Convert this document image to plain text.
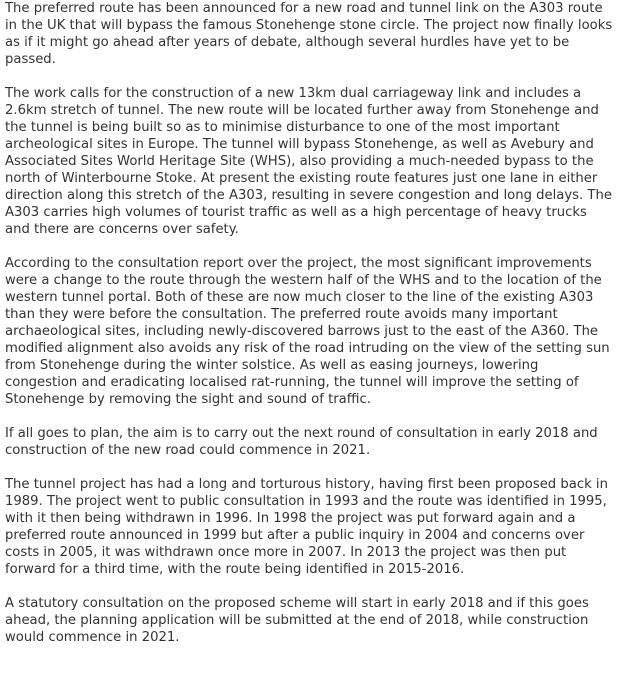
The preferred route has been announced for a new road and tunnel link on the A303 route in the UK that will bypass the famous Stonehenge stone circle. The project now finally looks as if it might go ahead after years of debate, although several hurdles have yet to be passed.

The work calls for the construction of a new 13km dual carriageway link and includes a 2.6km stretch of tunnel. The new route will be located further away from Stonehenge and the tunnel is being built so as to minimise disturbance to one of the most important archeological sites in Europe. The tunnel will bypass Stonehenge, as well as Avebury and Associated Sites World Heritage Site (WHS), also providing a much-needed bypass to the north of Winterbourne Stoke. At present the existing route features just one lane in either direction along this stretch of the A303, resulting in severe congestion and long delays. The A303 carries high volumes of tourist traffic as well as a high percentage of heavy trucks and there are concerns over safety.

According to the consultation report over the project, the most significant improvements were a change to the route through the western half of the WHS and to the location of the western tunnel portal. Both of these are now much closer to the line of the existing A303 than they were before the consultation. The preferred route avoids many important archaeological sites, including newly-discovered barrows just to the east of the A360. The modified alignment also avoids any risk of the road intruding on the view of the setting sun from Stonehenge during the winter solstice. As well as easing journeys, lowering congestion and eradicating localised rat-running, the tunnel will improve the setting of Stonehenge by removing the sight and sound of traffic.

If all goes to plan, the aim is to carry out the next round of consultation in early 2018 and construction of the new road could commence in 2021.

The tunnel project has had a long and torturous history, having first been proposed back in 1989. The project went to public consultation in 1993 and the route was identified in 1995, with it then being withdrawn in 1996. In 1998 the project was put forward again and a preferred route announced in 1999 but after a public inquiry in 2004 and concerns over costs in 2005, it was withdrawn once more in 2007. In 2013 the project was then put forward for a third time, with the route being identified in 2015-2016.

A statutory consultation on the proposed scheme will start in early 2018 and if this goes ahead, the planning application will be submitted at the end of 2018, while construction would commence in 2021.
